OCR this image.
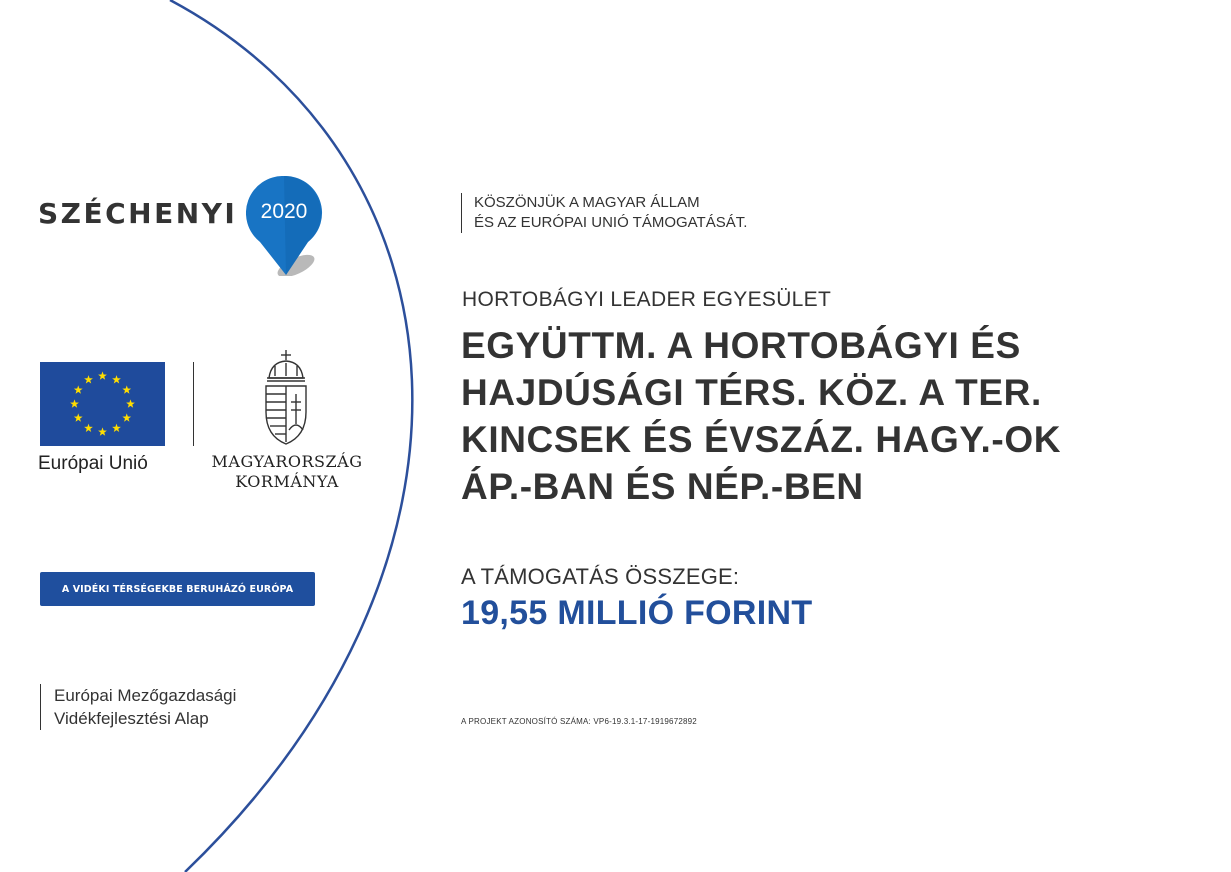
SZÉCHENYI	2020
Európai Unió	MAGYARORSZÁG
KORMÁNYA
A VIDÉKI TÉRSÉGEKBE BERUHÁZÓ EURÓPA
Európai Mezőgazdasági
Vidékfejlesztési Alap
KÖSZÖNJÜK A MAGYAR ÁLLAM
ÉS AZ EURÓPAI UNIÓ TÁMOGATÁSÁT.
HORTOBÁGYI LEADER EGYESÜLET
EGYÜTTM. A HORTOBÁGYI ÉS
HAJDÚSÁGI TÉRS. KÖZ. A TER.
KINCSEK ÉS ÉVSZÁZ. HAGY.-OK
ÁP.-BAN ÉS NÉP.-BEN
A TÁMOGATÁS ÖSSZEGE:
19,55 MILLIÓ FORINT
A PROJEKT AZONOSÍTÓ SZÁMA: VP6-19.3.1-17-1919672892
